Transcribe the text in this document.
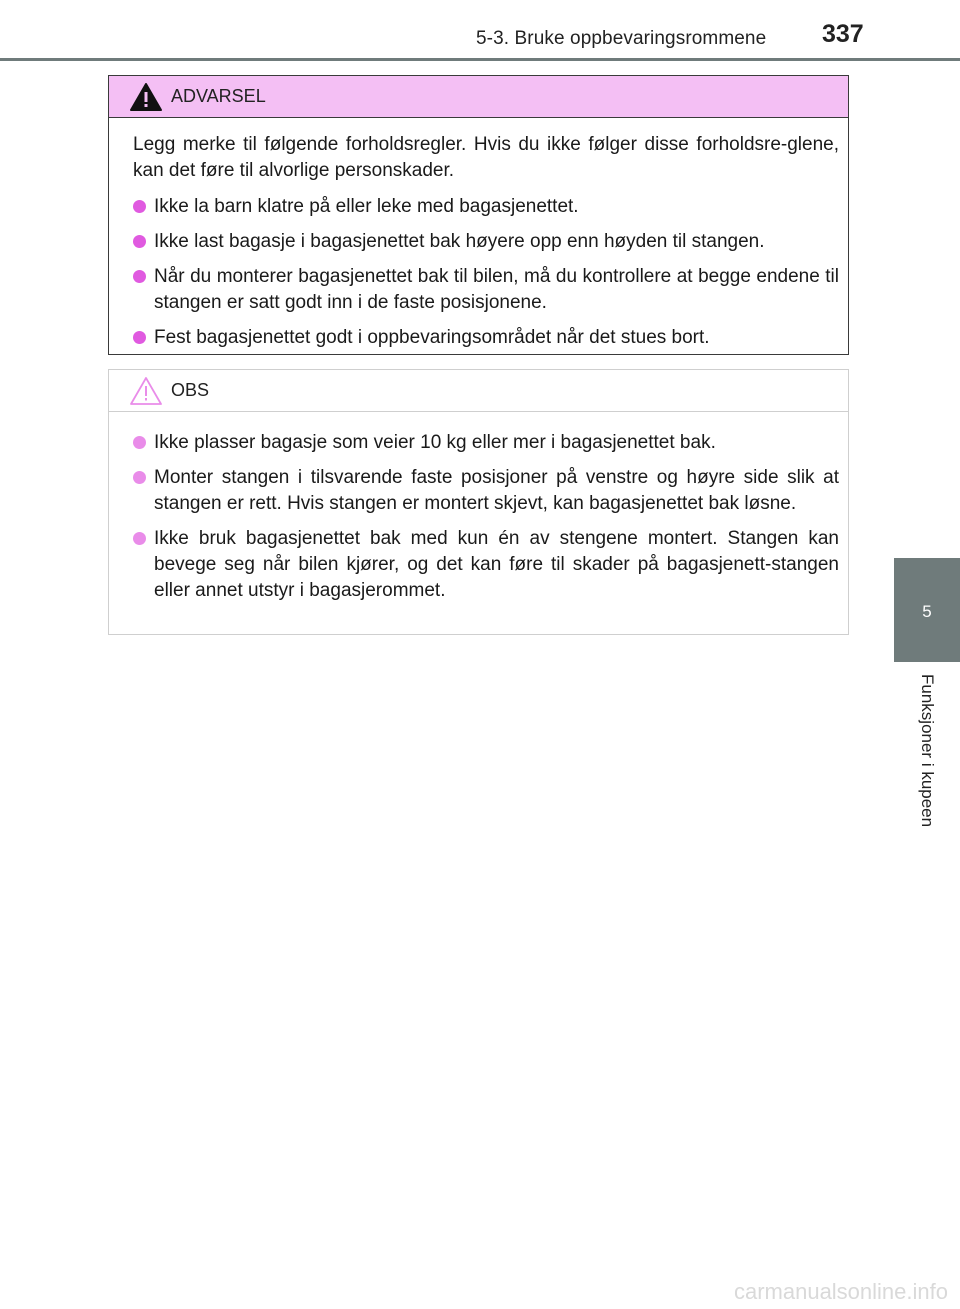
5-3. Bruke oppbevaringsrommene 337
5
Funksjoner i kupeen
ADVARSEL

Legg merke til følgende forholdsregler. Hvis du ikke følger disse forholdsre-glene, kan det føre til alvorlige personskader.

Ikke la barn klatre på eller leke med bagasjenettet.
Ikke last bagasje i bagasjenettet bak høyere opp enn høyden til stangen.
Når du monterer bagasjenettet bak til bilen, må du kontrollere at begge endene til stangen er satt godt inn i de faste posisjonene.
Fest bagasjenettet godt i oppbevaringsområdet når det stues bort.
OBS
Ikke plasser bagasje som veier 10 kg eller mer i bagasjenettet bak.
Monter stangen i tilsvarende faste posisjoner på venstre og høyre side slik at stangen er rett. Hvis stangen er montert skjevt, kan bagasjenettet bak løsne.
Ikke bruk bagasjenettet bak med kun én av stengene montert. Stangen kan bevege seg når bilen kjører, og det kan føre til skader på bagasjenett-stangen eller annet utstyr i bagasjerommet.
carmanualsonline.info
